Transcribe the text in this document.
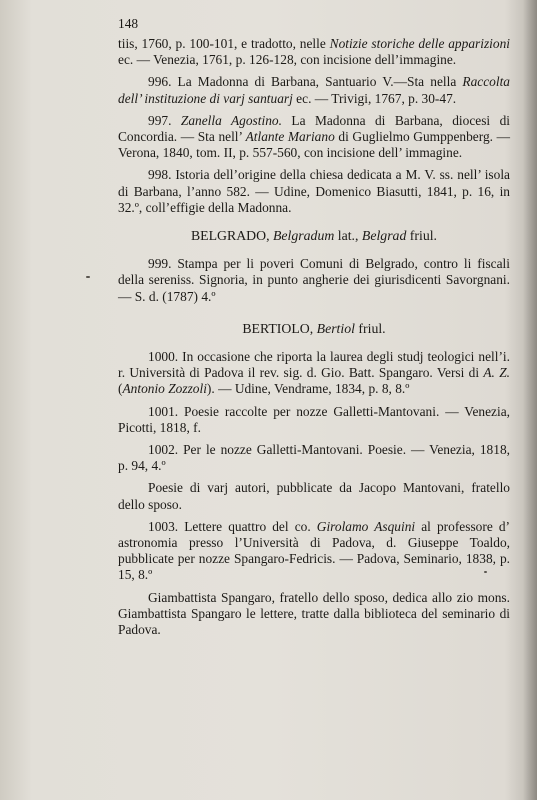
148
tiis, 1760, p. 100-101, e tradotto, nelle Notizie storiche delle apparizioni ec. — Venezia, 1761, p. 126-128, con incisione dell’immagine.
996. La Madonna di Barbana, Santuario V.—Sta nella Raccolta dell’ instituzione di varj santuarj ec. — Trivigi, 1767, p. 30-47.
997. Zanella Agostino. La Madonna di Barbana, diocesi di Concordia. — Sta nell’ Atlante Mariano di Guglielmo Gumppenberg. — Verona, 1840, tom. II, p. 557-560, con incisione dell’ immagine.
998. Istoria dell’origine della chiesa dedicata a M. V. ss. nell’ isola di Barbana, l’anno 582. — Udine, Domenico Biasutti, 1841, p. 16, in 32.º, coll’effigie della Madonna.
BELGRADO, Belgradum lat., Belgrad friul.
999. Stampa per li poveri Comuni di Belgrado, contro li fiscali della sereniss. Signoria, in punto angherie dei giurisdicenti Savorgnani. — S. d. (1787) 4.º
BERTIOLO, Bertiol friul.
1000. In occasione che riporta la laurea degli studj teologici nell’i. r. Università di Padova il rev. sig. d. Gio. Batt. Spangaro. Versi di A. Z. (Antonio Zozzoli). — Udine, Vendrame, 1834, p. 8, 8.º
1001. Poesie raccolte per nozze Galletti-Mantovani. — Venezia, Picotti, 1818, f.
1002. Per le nozze Galletti-Mantovani. Poesie. — Venezia, 1818, p. 94, 4.º
Poesie di varj autori, pubblicate da Jacopo Mantovani, fratello dello sposo.
1003. Lettere quattro del co. Girolamo Asquini al professore d’ astronomia presso l’Università di Padova, d. Giuseppe Toaldo, pubblicate per nozze Spangaro-Fedricis. — Padova, Seminario, 1838, p. 15, 8.º
Giambattista Spangaro, fratello dello sposo, dedica allo zio mons. Giambattista Spangaro le lettere, tratte dalla biblioteca del seminario di Padova.
